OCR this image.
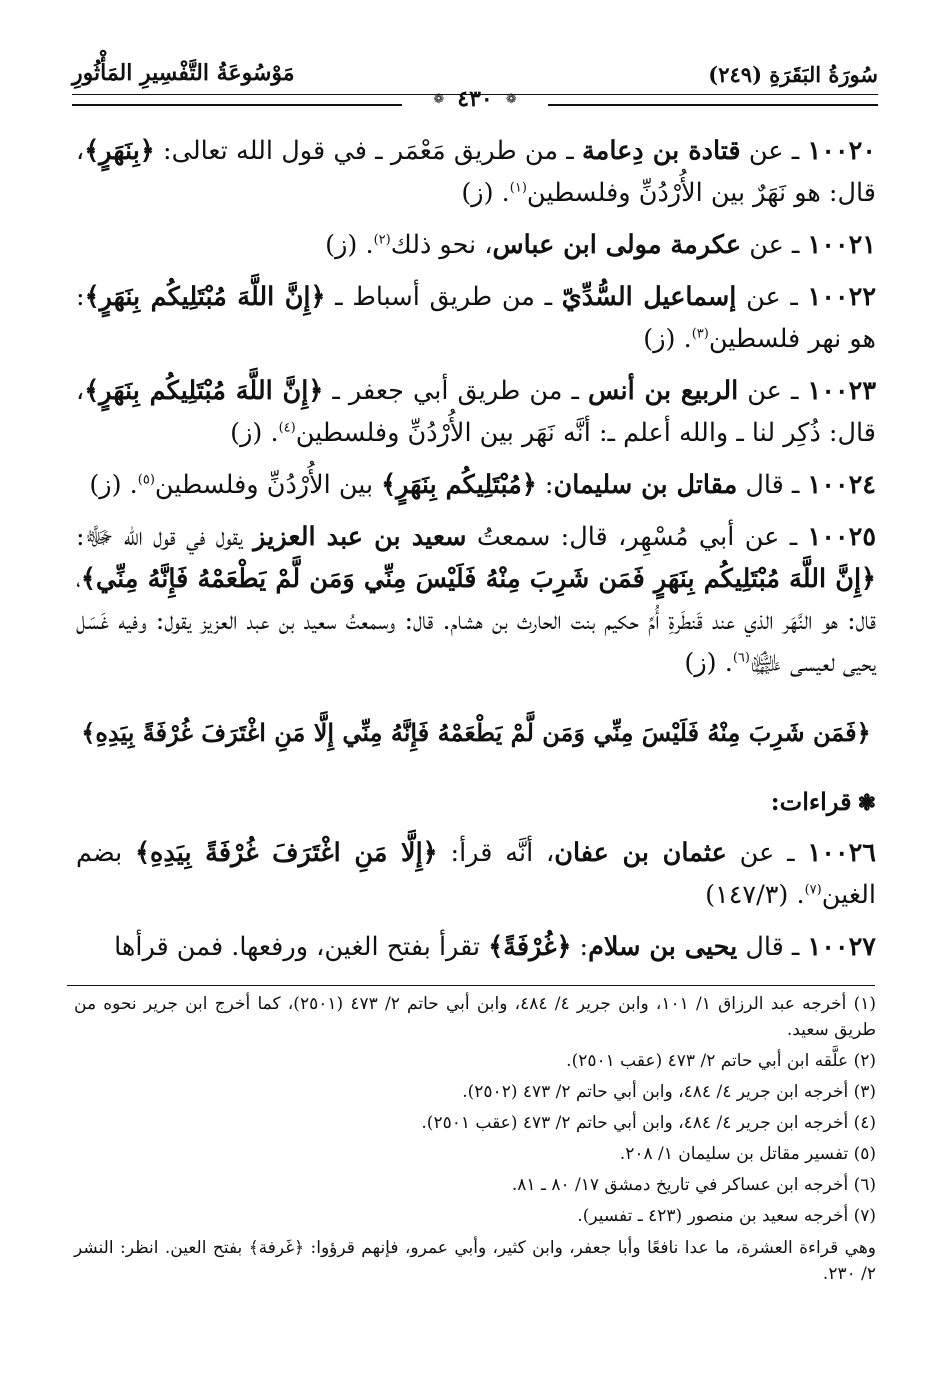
سُورَةُ البَقَرَةِ (٢٤٩)
مَوْسُوعَةُ التَّفْسِيرِ المَأْثُورِ
❁ ٤٣٠ ❁

١٠٠٢٠ ـ عن قتادة بن دِعامة ـ من طريق مَعْمَر ـ في قول الله تعالى: ﴿بِنَهَرٍ﴾، قال: هو نَهَرٌ بين الأُرْدُنِّ وفلسطين$^{(١)}$. (ز)

١٠٠٢١ ـ عن عكرمة مولى ابن عباس، نحو ذلك$^{(٢)}$. (ز)

١٠٠٢٢ ـ عن إسماعيل السُّدِّيّ ـ من طريق أسباط ـ ﴿إِنَّ اللَّهَ مُبْتَلِيكُم بِنَهَرٍ﴾: هو نهر فلسطين$^{(٣)}$. (ز)

١٠٠٢٣ ـ عن الربيع بن أنس ـ من طريق أبي جعفر ـ ﴿إِنَّ اللَّهَ مُبْتَلِيكُم بِنَهَرٍ﴾، قال: ذُكِر لنا ـ والله أعلم ـ: أنَّه نَهَر بين الأُرْدُنِّ وفلسطين$^{(٤)}$. (ز)

١٠٠٢٤ ـ قال مقاتل بن سليمان: ﴿مُبْتَلِيكُم بِنَهَرٍ﴾ بين الأُرْدُنِّ وفلسطين$^{(٥)}$. (ز)

١٠٠٢٥ ـ عن أبي مُسْهِر، قال: سمعتُ سعيد بن عبد العزيز يقول في قول الله ﷻ: ﴿إِنَّ اللَّهَ مُبْتَلِيكُم بِنَهَرٍ فَمَن شَرِبَ مِنْهُ فَلَيْسَ مِنِّي وَمَن لَّمْ يَطْعَمْهُ فَإِنَّهُ مِنِّي﴾، قال: هو النَّهَر الذي عند قَنطَرةِ أُمِّ حكيم بنت الحارث بن هشام. قال: وسمعتُ سعيد بن عبد العزيز يقول: وفيه غَسَل يحيى لعيسى ﵉$^{(٦)}$. (ز)

﴿فَمَن شَرِبَ مِنْهُ فَلَيْسَ مِنِّي وَمَن لَّمْ يَطْعَمْهُ فَإِنَّهُ مِنِّي إِلَّا مَنِ اغْتَرَفَ غُرْفَةً بِيَدِهِ﴾
❃قراءات:

١٠٠٢٦ ـ عن عثمان بن عفان، أنَّه قرأ: ﴿إِلَّا مَنِ اغْتَرَفَ غُرْفَةً بِيَدِهِ﴾ بضم الغين$^{(٧)}$. (١٤٧/٣)

١٠٠٢٧ ـ قال يحيى بن سلام: ﴿غُرْفَةً﴾ تقرأ بفتح الغين، ورفعها. فمن قرأها

(١) أخرجه عبد الرزاق ١/ ١٠١، وابن جرير ٤/ ٤٨٤، وابن أبي حاتم ٢/ ٤٧٣ (٢٥٠١)، كما أخرج ابن جرير نحوه من طريق سعيد.

(٢) علَّقه ابن أبي حاتم ٢/ ٤٧٣ (عقب ٢٥٠١).

(٣) أخرجه ابن جرير ٤/ ٤٨٤، وابن أبي حاتم ٢/ ٤٧٣ (٢٥٠٢).

(٤) أخرجه ابن جرير ٤/ ٤٨٤، وابن أبي حاتم ٢/ ٤٧٣ (عقب ٢٥٠١).

(٥) تفسير مقاتل بن سليمان ١/ ٢٠٨.

(٦) أخرجه ابن عساكر في تاريخ دمشق ١٧/ ٨٠ ـ ٨١.

(٧) أخرجه سعيد بن منصور (٤٢٣ ـ تفسير).

وهي قراءة العشرة، ما عدا نافعًا وأبا جعفر، وابن كثير، وأبي عمرو، فإنهم قرؤوا: ﴿غَرفة﴾ بفتح العين. انظر: النشر ٢/ ٢٣٠.
